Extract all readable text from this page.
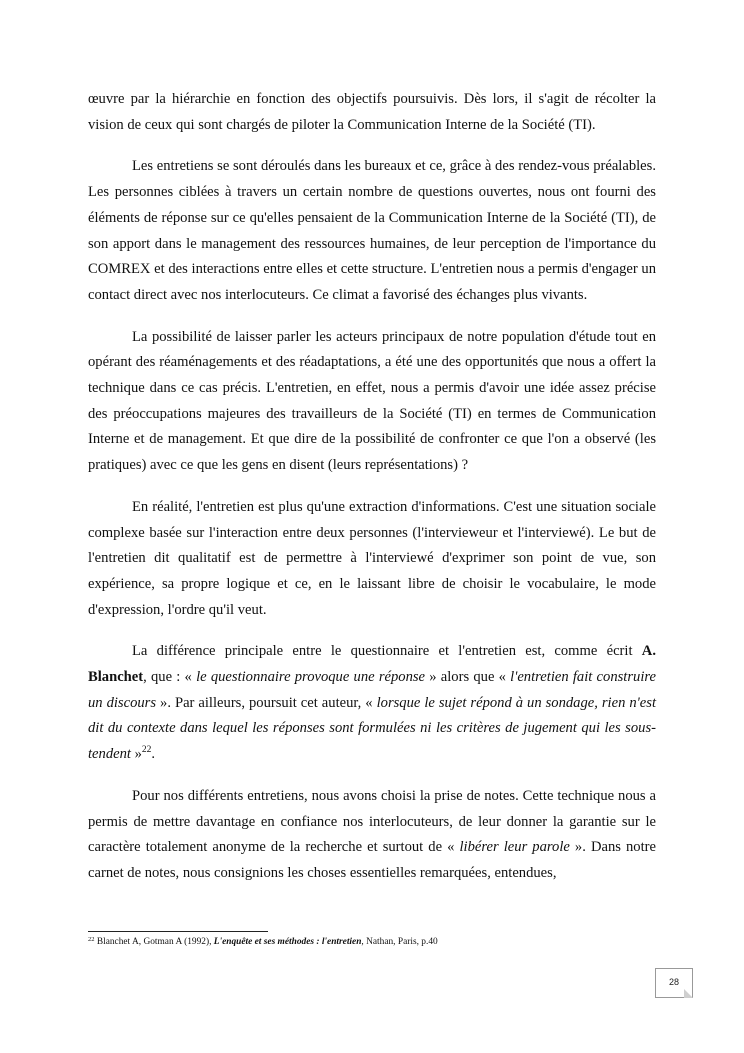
œuvre par la hiérarchie en fonction des objectifs poursuivis. Dès lors, il s'agit de récolter la vision de ceux qui sont chargés de piloter la Communication Interne de la Société (TI).

Les entretiens se sont déroulés dans les bureaux et ce, grâce à des rendez-vous préalables. Les personnes ciblées à travers un certain nombre de questions ouvertes, nous ont fourni des éléments de réponse sur ce qu'elles pensaient de la Communication Interne de la Société (TI), de son apport dans le management des ressources humaines, de leur perception de l'importance du COMREX et des interactions entre elles et cette structure. L'entretien nous a permis d'engager un contact direct avec nos interlocuteurs. Ce climat a favorisé des échanges plus vivants.

La possibilité de laisser parler les acteurs principaux de notre population d'étude tout en opérant des réaménagements et des réadaptations, a été une des opportunités que nous a offert la technique dans ce cas précis. L'entretien, en effet, nous a permis d'avoir une idée assez précise des préoccupations majeures des travailleurs de la Société (TI) en termes de Communication Interne et de management. Et que dire de la possibilité de confronter ce que l'on a observé (les pratiques) avec ce que les gens en disent (leurs représentations) ?

En réalité, l'entretien est plus qu'une extraction d'informations. C'est une situation sociale complexe basée sur l'interaction entre deux personnes (l'intervieweur et l'interviewé). Le but de l'entretien dit qualitatif est de permettre à l'interviewé d'exprimer son point de vue, son expérience, sa propre logique et ce, en le laissant libre de choisir le vocabulaire, le mode d'expression, l'ordre qu'il veut.

La différence principale entre le questionnaire et l'entretien est, comme écrit A. Blanchet, que : « le questionnaire provoque une réponse » alors que « l'entretien fait construire un discours ». Par ailleurs, poursuit cet auteur, « lorsque le sujet répond à un sondage, rien n'est dit du contexte dans lequel les réponses sont formulées ni les critères de jugement qui les sous-tendent »$^{22}$.

Pour nos différents entretiens, nous avons choisi la prise de notes. Cette technique nous a permis de mettre davantage en confiance nos interlocuteurs, de leur donner la garantie sur le caractère totalement anonyme de la recherche et surtout de « libérer leur parole ». Dans notre carnet de notes, nous consignions les choses essentielles remarquées, entendues,

$^{22}$ Blanchet A, Gotman A (1992), L'enquête et ses méthodes : l'entretien, Nathan, Paris, p.40
28
